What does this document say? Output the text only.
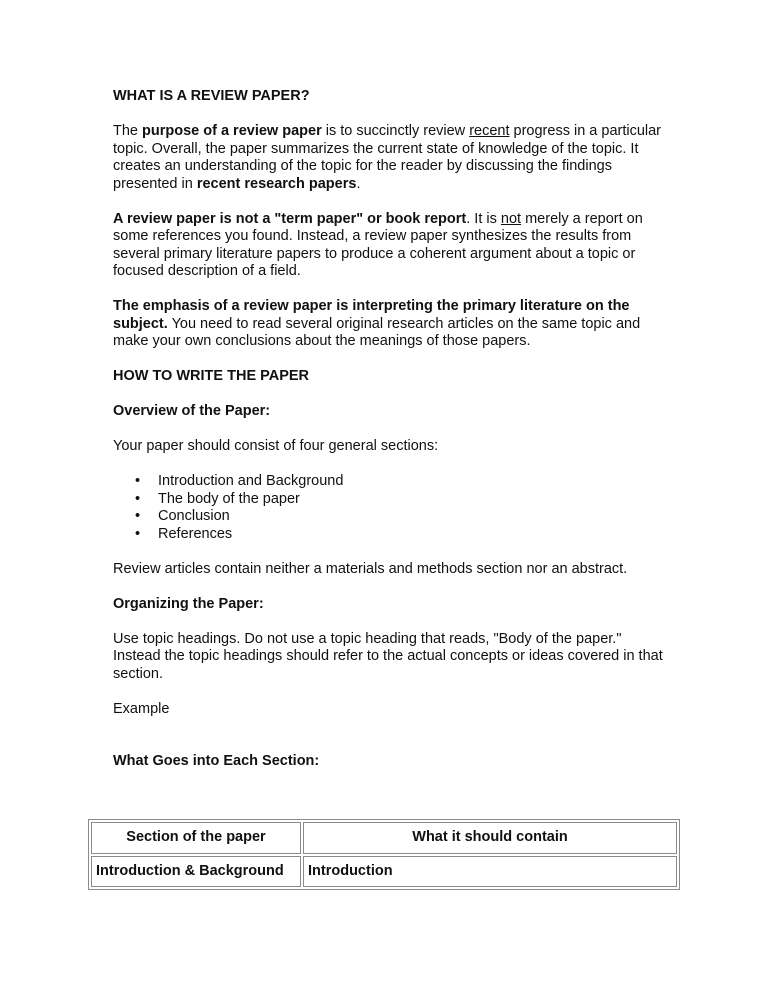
WHAT IS A REVIEW PAPER?

The purpose of a review paper is to succinctly review recent progress in a particular topic. Overall, the paper summarizes the current state of knowledge of the topic. It creates an understanding of the topic for the reader by discussing the findings presented in recent research papers.

A review paper is not a "term paper" or book report. It is not merely a report on some references you found. Instead, a review paper synthesizes the results from several primary literature papers to produce a coherent argument about a topic or focused description of a field.

The emphasis of a review paper is interpreting the primary literature on the subject. You need to read several original research articles on the same topic and make your own conclusions about the meanings of those papers.

HOW TO WRITE THE PAPER

Overview of the Paper:

Your paper should consist of four general sections:

• Introduction and Background
• The body of the paper
• Conclusion
• References

Review articles contain neither a materials and methods section nor an abstract.

Organizing the Paper:

Use topic headings. Do not use a topic heading that reads, "Body of the paper." Instead the topic headings should refer to the actual concepts or ideas covered in that section.

Example

What Goes into Each Section:

Section of the paper	What it should contain
Introduction & Background	Introduction
